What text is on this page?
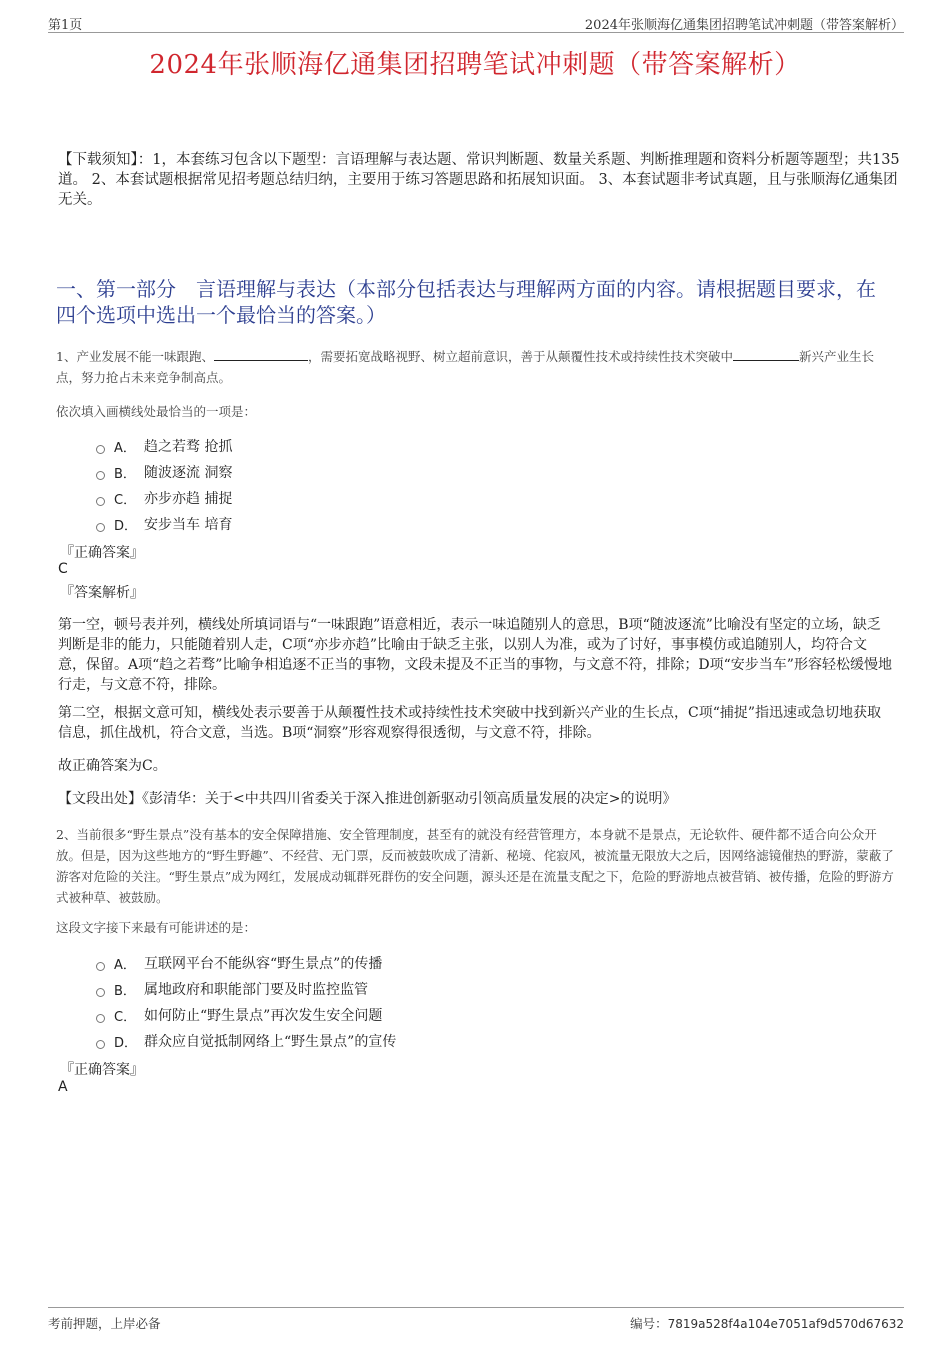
第1页	2024年张顺海亿通集团招聘笔试冲刺题（带答案解析）
2024年张顺海亿通集团招聘笔试冲刺题（带答案解析）
【下载须知】：1，本套练习包含以下题型：言语理解与表达题、常识判断题、数量关系题、判断推理题和资料分析题等题型；共135道。 2、本套试题根据常见招考题总结归纳，主要用于练习答题思路和拓展知识面。 3、本套试题非考试真题，且与张顺海亿通集团无关。
一、第一部分　言语理解与表达（本部分包括表达与理解两方面的内容。请根据题目要求，在四个选项中选出一个最恰当的答案。）
1、产业发展不能一味跟跑、	，需要拓宽战略视野、树立超前意识，善于从颠覆性技术或持续性技术突破中	新兴产业生长点，努力抢占未来竞争制高点。
依次填入画横线处最恰当的一项是：
A． 趋之若骛 抢抓
B． 随波逐流 洞察
C． 亦步亦趋 捕捉
D． 安步当车 培育
『正确答案』
C
『答案解析』
第一空，顿号表并列，横线处所填词语与“一味跟跑”语意相近，表示一味追随别人的意思，B项“随波逐流”比喻没有坚定的立场，缺乏判断是非的能力，只能随着别人走，C项“亦步亦趋”比喻由于缺乏主张，以别人为准，或为了讨好，事事模仿或追随别人，均符合文意，保留。A项“趋之若骛”比喻争相追逐不正当的事物，文段未提及不正当的事物，与文意不符，排除；D项“安步当车”形容轻松缓慢地行走，与文意不符，排除。
第二空，根据文意可知，横线处表示要善于从颠覆性技术或持续性技术突破中找到新兴产业的生长点，C项“捕捉”指迅速或急切地获取信息，抓住战机，符合文意，当选。B项“洞察”形容观察得很透彻，与文意不符，排除。
故正确答案为C。
【文段出处】《彭清华：关于<中共四川省委关于深入推进创新驱动引领高质量发展的决定>的说明》
2、当前很多“野生景点”没有基本的安全保障措施、安全管理制度，甚至有的就没有经营管理方，本身就不是景点，无论软件、硬件都不适合向公众开放。但是，因为这些地方的“野生野趣”、不经营、无门票，反而被鼓吹成了清新、秘境、侘寂风，被流量无限放大之后，因网络滤镜催热的野游，蒙蔽了游客对危险的关注。“野生景点”成为网红，发展成动辄群死群伤的安全问题，源头还是在流量支配之下，危险的野游地点被营销、被传播，危险的野游方式被种草、被鼓励。
这段文字接下来最有可能讲述的是：
A． 互联网平台不能纵容“野生景点”的传播
B． 属地政府和职能部门要及时监控监管
C． 如何防止“野生景点”再次发生安全问题
D． 群众应自觉抵制网络上“野生景点”的宣传
『正确答案』
A
考前押题，上岸必备	编号：7819a528f4a104e7051af9d570d67632
